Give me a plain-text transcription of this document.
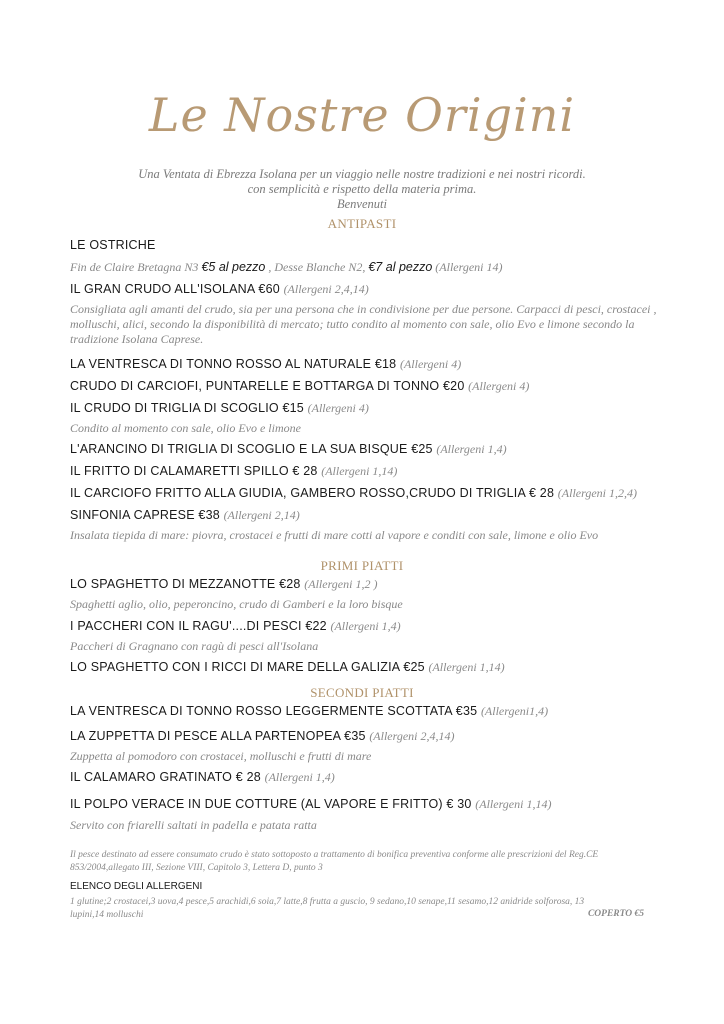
Le Nostre Origini
Una Ventata di Ebrezza Isolana per un viaggio nelle nostre tradizioni e nei nostri ricordi.
con semplicità e rispetto della materia prima.
Benvenuti
ANTIPASTI
LE OSTRICHE
Fin de Claire Bretagna N3 €5 al pezzo , Desse Blanche N2, €7 al pezzo (Allergeni 14)
IL GRAN CRUDO ALL'ISOLANA €60 (Allergeni 2,4,14)
Consigliata agli amanti del crudo, sia per una persona che in condivisione per due persone. Carpacci di pesci, crostacei , molluschi, alici, secondo la disponibilità di mercato; tutto condito al momento con sale, olio Evo e limone secondo la tradizione Isolana Caprese.
LA VENTRESCA DI TONNO ROSSO AL NATURALE €18 (Allergeni 4)
CRUDO DI CARCIOFI, PUNTARELLE E BOTTARGA DI TONNO €20 (Allergeni 4)
IL CRUDO DI TRIGLIA DI SCOGLIO €15 (Allergeni 4)
Condito al momento con sale, olio Evo e limone
L'ARANCINO DI TRIGLIA DI SCOGLIO E LA SUA BISQUE €25 (Allergeni 1,4)
IL FRITTO DI CALAMARETTI SPILLO € 28 (Allergeni 1,14)
IL CARCIOFO FRITTO ALLA GIUDIA, GAMBERO ROSSO,CRUDO DI TRIGLIA € 28 (Allergeni 1,2,4)
SINFONIA CAPRESE €38 (Allergeni 2,14)
Insalata tiepida di mare: piovra, crostacei e frutti di mare cotti al vapore e conditi con sale, limone e olio Evo
PRIMI PIATTI
LO SPAGHETTO DI MEZZANOTTE €28 (Allergeni 1,2 )
Spaghetti aglio, olio, peperoncino, crudo di Gamberi e la loro bisque
I PACCHERI CON IL RAGU'....DI PESCI €22 (Allergeni 1,4)
Paccheri di Gragnano con ragù di pesci all'Isolana
LO SPAGHETTO CON I RICCI DI MARE DELLA GALIZIA €25 (Allergeni 1,14)
SECONDI PIATTI
LA VENTRESCA DI TONNO ROSSO LEGGERMENTE SCOTTATA €35 (Allergeni1,4)
LA ZUPPETTA DI PESCE ALLA PARTENOPEA €35 (Allergeni 2,4,14)
Zuppetta al pomodoro con crostacei, molluschi e frutti di mare
IL CALAMARO GRATINATO € 28 (Allergeni 1,4)
IL POLPO VERACE IN DUE COTTURE (AL VAPORE E FRITTO) € 30 (Allergeni 1,14)
Servito con friarelli saltati in padella e patata ratta
Il pesce destinato ad essere consumato crudo è stato sottoposto a trattamento di bonifica preventiva conforme alle prescrizioni del Reg.CE 853/2004,allegato III, Sezione VIII, Capitolo 3, Lettera D, punto 3
ELENCO DEGLI ALLERGENI
1 glutine;2 crostacei,3 uova,4 pesce,5 arachidi,6 soia,7 latte,8 frutta a guscio, 9 sedano,10 senape,11 sesamo,12 anidride solforosa, 13 lupini,14 molluschi	COPERTO €5
